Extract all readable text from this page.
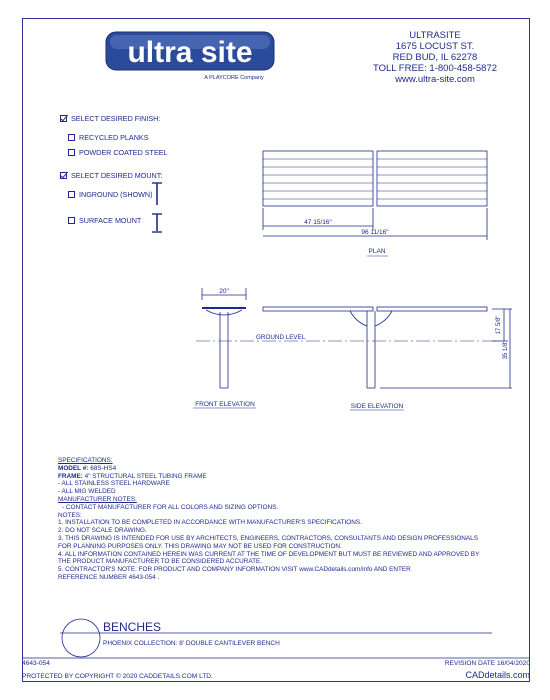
ultra site
A PLAYCORE Company
ULTRASITE
1675 LOCUST ST.
RED BUD, IL 62278
TOLL FREE: 1-800-458-5872
www.ultra-site.com
SELECT DESIRED FINISH:
RECYCLED PLANKS
POWDER COATED STEEL
SELECT DESIRED MOUNT:
INGROUND (SHOWN)
SURFACE MOUNT	47 15/16"
96 11/16"
PLAN
20"
GROUND LEVEL
17 5/8"
35 1/8"
FRONT ELEVATION	SIDE ELEVATION
BENCHES
PHOENIX COLLECTION: 8' DOUBLE CANTILEVER BENCH
SPECIFICATIONS:
MODEL #: 68S-HS4
FRAME: 4" STRUCTURAL STEEL TUBING FRAME
- ALL STAINLESS STEEL HARDWARE
- ALL MIG WELDED
MANUFACTURER NOTES:
- CONTACT MANUFACTURER FOR ALL COLORS AND SIZING OPTIONS.
NOTES:
1. INSTALLATION TO BE COMPLETED IN ACCORDANCE WITH MANUFACTURER'S SPECIFICATIONS.
2. DO NOT SCALE DRAWING.
3. THIS DRAWING IS INTENDED FOR USE BY ARCHITECTS, ENGINEERS, CONTRACTORS, CONSULTANTS AND DESIGN PROFESSIONALS
FOR PLANNING PURPOSES ONLY. THIS DRAWING MAY NOT BE USED FOR CONSTRUCTION.
4. ALL INFORMATION CONTAINED HEREIN WAS CURRENT AT THE TIME OF DEVELOPMENT BUT MUST BE REVIEWED AND APPROVED BY
THE PRODUCT MANUFACTURER TO BE CONSIDERED ACCURATE.
5. CONTRACTOR'S NOTE: FOR PRODUCT AND COMPANY INFORMATION VISIT www.CADdetails.com/info AND ENTER
REFERENCE NUMBER 4643-054 .
4643-054	REVISION DATE 16/04/2020
PROTECTED BY COPYRIGHT © 2020 CADDETAILS.COM LTD.	CADdetails.com
